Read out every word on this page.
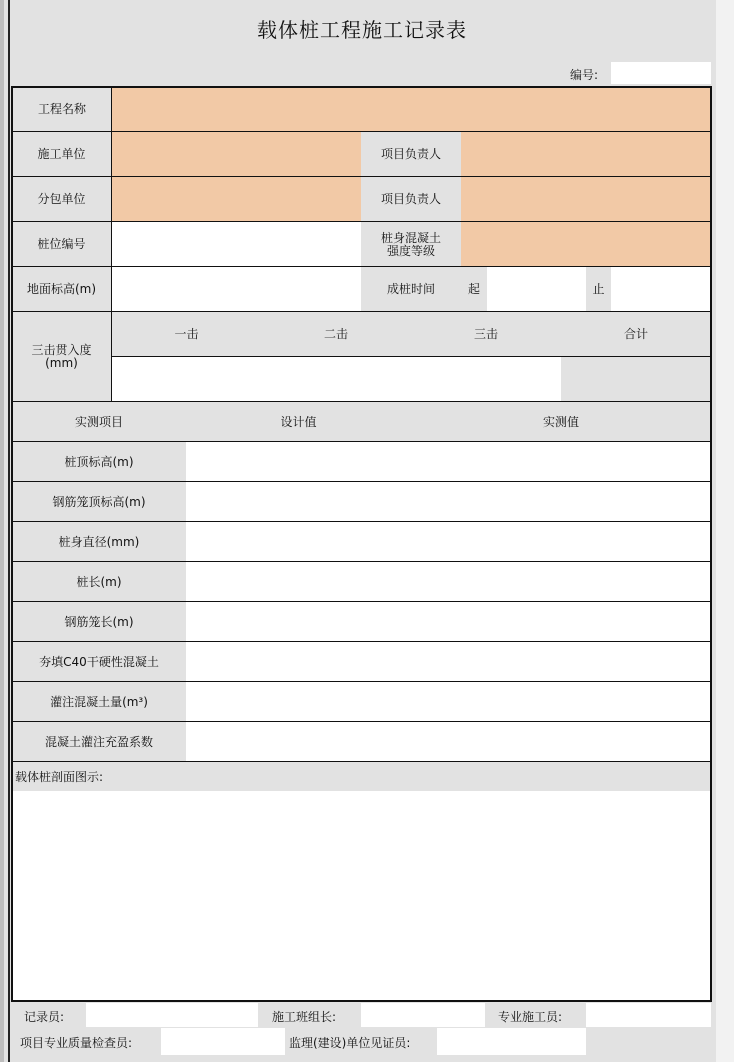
载体桩工程施工记录表
编号:
工程名称
施工单位	项目负责人
分包单位	项目负责人
桩位编号	桩身混凝土
强度等级
地面标高(m)	成桩时间	起	止
三击贯入度
(mm)
一击	二击	三击	合计
实测项目	设计值	实测值
桩顶标高(m)
钢筋笼顶标高(m)
桩身直径(mm)
桩长(m)
钢筋笼长(m)
夯填C40干硬性混凝土
灌注混凝土量(m³)
混凝土灌注充盈系数
载体桩剖面图示:
记录员:	施工班组长:	专业施工员:
项目专业质量检查员:	监理(建设)单位见证员:
